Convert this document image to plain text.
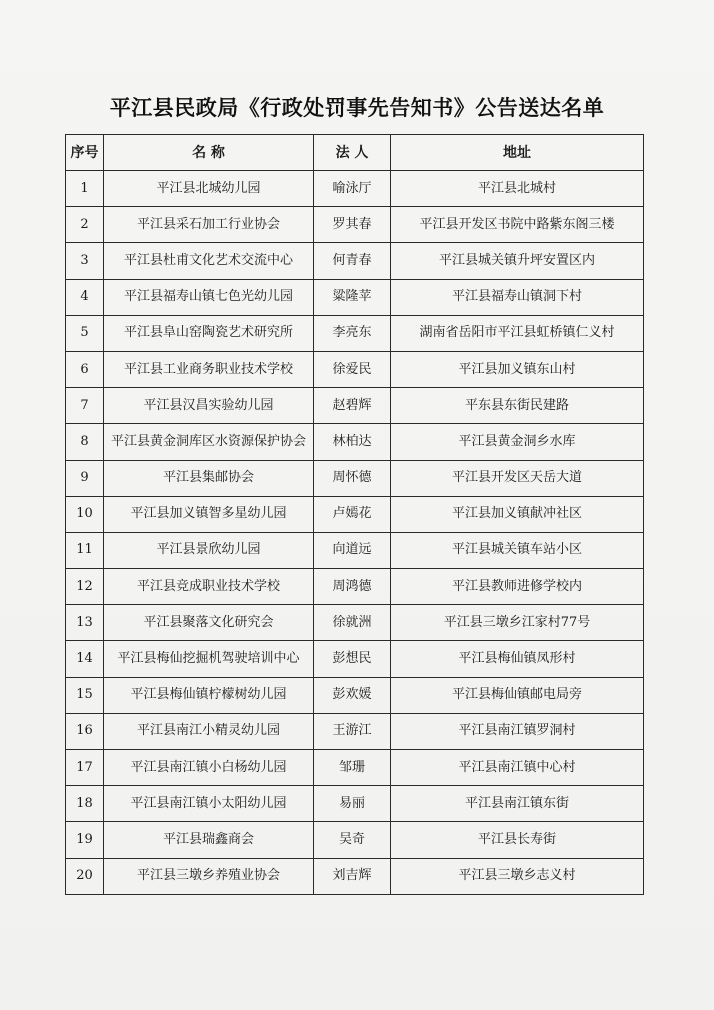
平江县民政局《行政处罚事先告知书》公告送达名单
序号	名 称	法 人	地址
1	平江县北城幼儿园	喻泳厅	平江县北城村
2	平江县采石加工行业协会	罗其春	平江县开发区书院中路紫东阁三楼
3	平江县杜甫文化艺术交流中心	何青春	平江县城关镇升坪安置区内
4	平江县福寿山镇七色光幼儿园	粱隆苹	平江县福寿山镇洞下村
5	平江县阜山窑陶瓷艺术研究所	李亮东	湖南省岳阳市平江县虹桥镇仁义村
6	平江县工业商务职业技术学校	徐爱民	平江县加义镇东山村
7	平江县汉昌实验幼儿园	赵碧辉	平东县东街民建路
8	平江县黄金洞库区水资源保护协会	林柏达	平江县黄金洞乡水库
9	平江县集邮协会	周怀德	平江县开发区天岳大道
10	平江县加义镇智多星幼儿园	卢嫣花	平江县加义镇献冲社区
11	平江县景欣幼儿园	向道远	平江县城关镇车站小区
12	平江县竞成职业技术学校	周鸿德	平江县教师进修学校内
13	平江县聚落文化研究会	徐就洲	平江县三墩乡江家村77号
14	平江县梅仙挖掘机驾驶培训中心	彭想民	平江县梅仙镇凤形村
15	平江县梅仙镇柠檬树幼儿园	彭欢媛	平江县梅仙镇邮电局旁
16	平江县南江小精灵幼儿园	王游江	平江县南江镇罗洞村
17	平江县南江镇小白杨幼儿园	邹珊	平江县南江镇中心村
18	平江县南江镇小太阳幼儿园	易丽	平江县南江镇东街
19	平江县瑞鑫商会	吴奇	平江县长寿街
20	平江县三墩乡养殖业协会	刘吉辉	平江县三墩乡志义村
